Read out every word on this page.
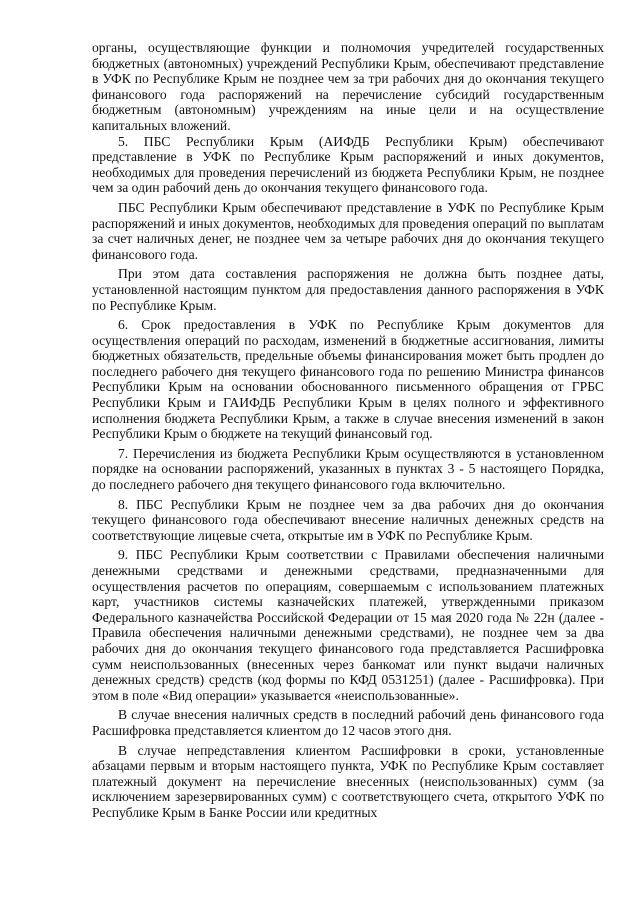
органы, осуществляющие функции и полномочия учредителей государственных бюджетных (автономных) учреждений Республики Крым, обеспечивают представление в УФК по Республике Крым не позднее чем за три рабочих дня до окончания текущего финансового года распоряжений на перечисление субсидий государственным бюджетным (автономным) учреждениям на иные цели и на осуществление капитальных вложений.

5. ПБС Республики Крым (АИФДБ Республики Крым) обеспечивают представление в УФК по Республике Крым распоряжений и иных документов, необходимых для проведения перечислений из бюджета Республики Крым, не позднее чем за один рабочий день до окончания текущего финансового года.

ПБС Республики Крым обеспечивают представление в УФК по Республике Крым распоряжений и иных документов, необходимых для проведения операций по выплатам за счет наличных денег, не позднее чем за четыре рабочих дня до окончания текущего финансового года.

При этом дата составления распоряжения не должна быть позднее даты, установленной настоящим пунктом для предоставления данного распоряжения в УФК по Республике Крым.

6. Срок предоставления в УФК по Республике Крым документов для осуществления операций по расходам, изменений в бюджетные ассигнования, лимиты бюджетных обязательств, предельные объемы финансирования может быть продлен до последнего рабочего дня текущего финансового года по решению Министра финансов Республики Крым на основании обоснованного письменного обращения от ГРБС Республики Крым и ГАИФДБ Республики Крым в целях полного и эффективного исполнения бюджета Республики Крым, а также в случае внесения изменений в закон Республики Крым о бюджете на текущий финансовый год.

7. Перечисления из бюджета Республики Крым осуществляются в установленном порядке на основании распоряжений, указанных в пунктах 3 - 5 настоящего Порядка, до последнего рабочего дня текущего финансового года включительно.

8. ПБС Республики Крым не позднее чем за два рабочих дня до окончания текущего финансового года обеспечивают внесение наличных денежных средств на соответствующие лицевые счета, открытые им в УФК по Республике Крым.

9. ПБС Республики Крым соответствии с Правилами обеспечения наличными денежными средствами и денежными средствами, предназначенными для осуществления расчетов по операциям, совершаемым с использованием платежных карт, участников системы казначейских платежей, утвержденными приказом Федерального казначейства Российской Федерации от 15 мая 2020 года № 22н (далее - Правила обеспечения наличными денежными средствами), не позднее чем за два рабочих дня до окончания текущего финансового года представляется Расшифровка сумм неиспользованных (внесенных через банкомат или пункт выдачи наличных денежных средств) средств (код формы по КФД 0531251) (далее - Расшифровка). При этом в поле «Вид операции» указывается «неиспользованные».

В случае внесения наличных средств в последний рабочий день финансового года Расшифровка представляется клиентом до 12 часов этого дня.

В случае непредставления клиентом Расшифровки в сроки, установленные абзацами первым и вторым настоящего пункта, УФК по Республике Крым составляет платежный документ на перечисление внесенных (неиспользованных) сумм (за исключением зарезервированных сумм) с соответствующего счета, открытого УФК по Республике Крым в Банке России или кредитных
